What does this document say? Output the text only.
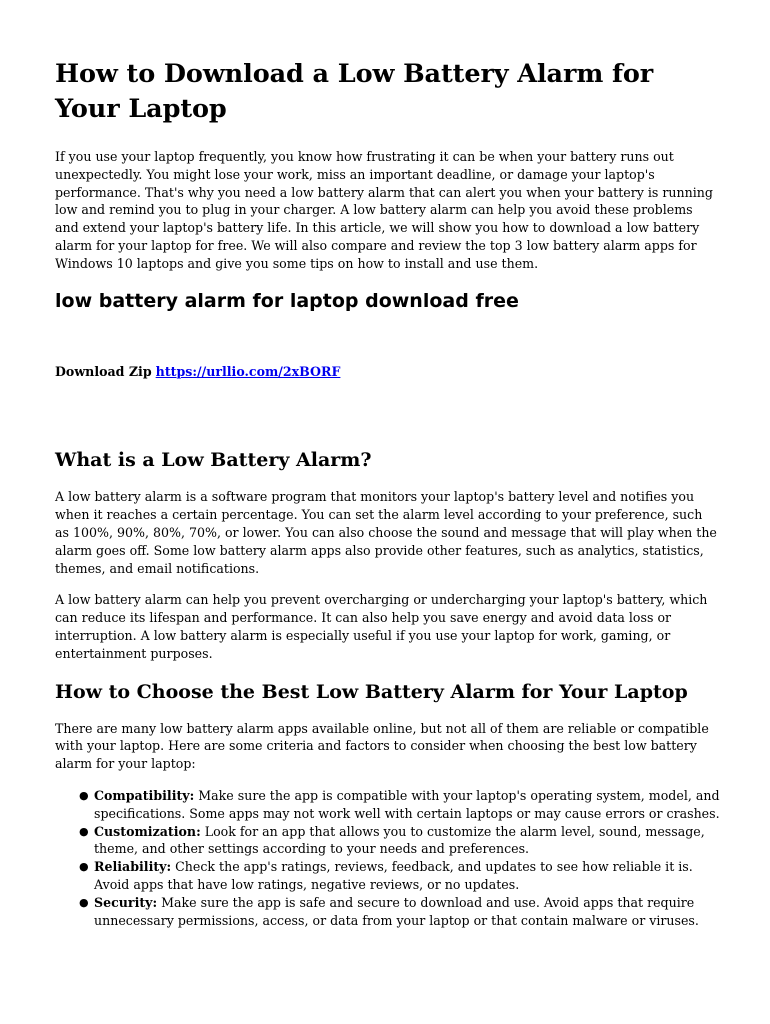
How to Download a Low Battery Alarm for Your Laptop

If you use your laptop frequently, you know how frustrating it can be when your battery runs out unexpectedly. You might lose your work, miss an important deadline, or damage your laptop's performance. That's why you need a low battery alarm that can alert you when your battery is running low and remind you to plug in your charger. A low battery alarm can help you avoid these problems and extend your laptop's battery life. In this article, we will show you how to download a low battery alarm for your laptop for free. We will also compare and review the top 3 low battery alarm apps for Windows 10 laptops and give you some tips on how to install and use them.

low battery alarm for laptop download free
Download Zip https://urllio.com/2xBORF
What is a Low Battery Alarm?

A low battery alarm is a software program that monitors your laptop's battery level and notifies you when it reaches a certain percentage. You can set the alarm level according to your preference, such as 100%, 90%, 80%, 70%, or lower. You can also choose the sound and message that will play when the alarm goes off. Some low battery alarm apps also provide other features, such as analytics, statistics, themes, and email notifications.

A low battery alarm can help you prevent overcharging or undercharging your laptop's battery, which can reduce its lifespan and performance. It can also help you save energy and avoid data loss or interruption. A low battery alarm is especially useful if you use your laptop for work, gaming, or entertainment purposes.

How to Choose the Best Low Battery Alarm for Your Laptop

There are many low battery alarm apps available online, but not all of them are reliable or compatible with your laptop. Here are some criteria and factors to consider when choosing the best low battery alarm for your laptop:

● Compatibility: Make sure the app is compatible with your laptop's operating system, model, and specifications. Some apps may not work well with certain laptops or may cause errors or crashes.
● Customization: Look for an app that allows you to customize the alarm level, sound, message, theme, and other settings according to your needs and preferences.
● Reliability: Check the app's ratings, reviews, feedback, and updates to see how reliable it is. Avoid apps that have low ratings, negative reviews, or no updates.
● Security: Make sure the app is safe and secure to download and use. Avoid apps that require unnecessary permissions, access, or data from your laptop or that contain malware or viruses.
